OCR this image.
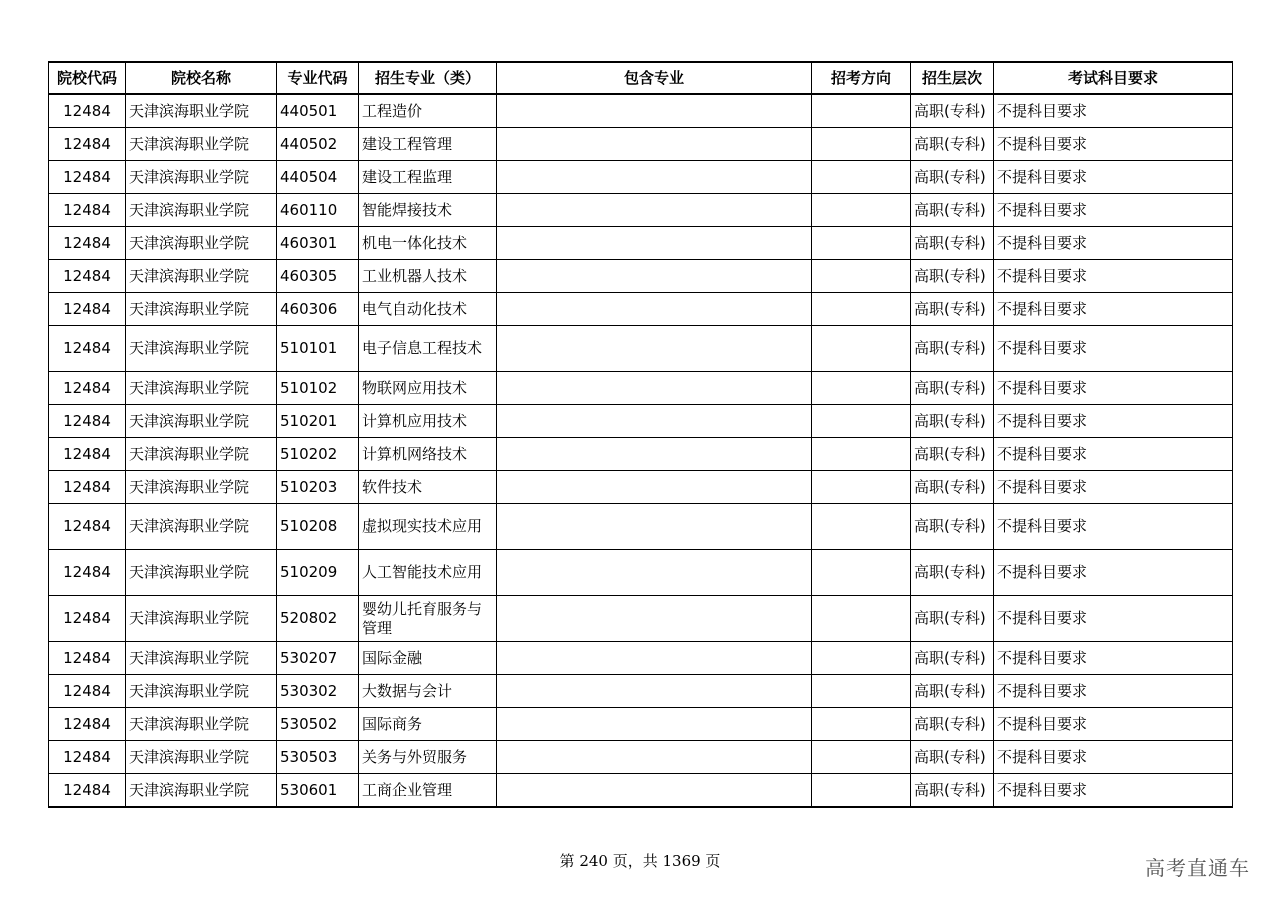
院校代码	院校名称	专业代码	招生专业（类）	包含专业	招考方向	招生层次	考试科目要求
12484	天津滨海职业学院	440501	工程造价			高职(专科)	不提科目要求
12484	天津滨海职业学院	440502	建设工程管理			高职(专科)	不提科目要求
12484	天津滨海职业学院	440504	建设工程监理			高职(专科)	不提科目要求
12484	天津滨海职业学院	460110	智能焊接技术			高职(专科)	不提科目要求
12484	天津滨海职业学院	460301	机电一体化技术			高职(专科)	不提科目要求
12484	天津滨海职业学院	460305	工业机器人技术			高职(专科)	不提科目要求
12484	天津滨海职业学院	460306	电气自动化技术			高职(专科)	不提科目要求
12484	天津滨海职业学院	510101	电子信息工程技术			高职(专科)	不提科目要求
12484	天津滨海职业学院	510102	物联网应用技术			高职(专科)	不提科目要求
12484	天津滨海职业学院	510201	计算机应用技术			高职(专科)	不提科目要求
12484	天津滨海职业学院	510202	计算机网络技术			高职(专科)	不提科目要求
12484	天津滨海职业学院	510203	软件技术			高职(专科)	不提科目要求
12484	天津滨海职业学院	510208	虚拟现实技术应用			高职(专科)	不提科目要求
12484	天津滨海职业学院	510209	人工智能技术应用			高职(专科)	不提科目要求
12484	天津滨海职业学院	520802	婴幼儿托育服务与管理			高职(专科)	不提科目要求
12484	天津滨海职业学院	530207	国际金融			高职(专科)	不提科目要求
12484	天津滨海职业学院	530302	大数据与会计			高职(专科)	不提科目要求
12484	天津滨海职业学院	530502	国际商务			高职(专科)	不提科目要求
12484	天津滨海职业学院	530503	关务与外贸服务			高职(专科)	不提科目要求
12484	天津滨海职业学院	530601	工商企业管理			高职(专科)	不提科目要求
第 240 页，共 1369 页	高考直通车
